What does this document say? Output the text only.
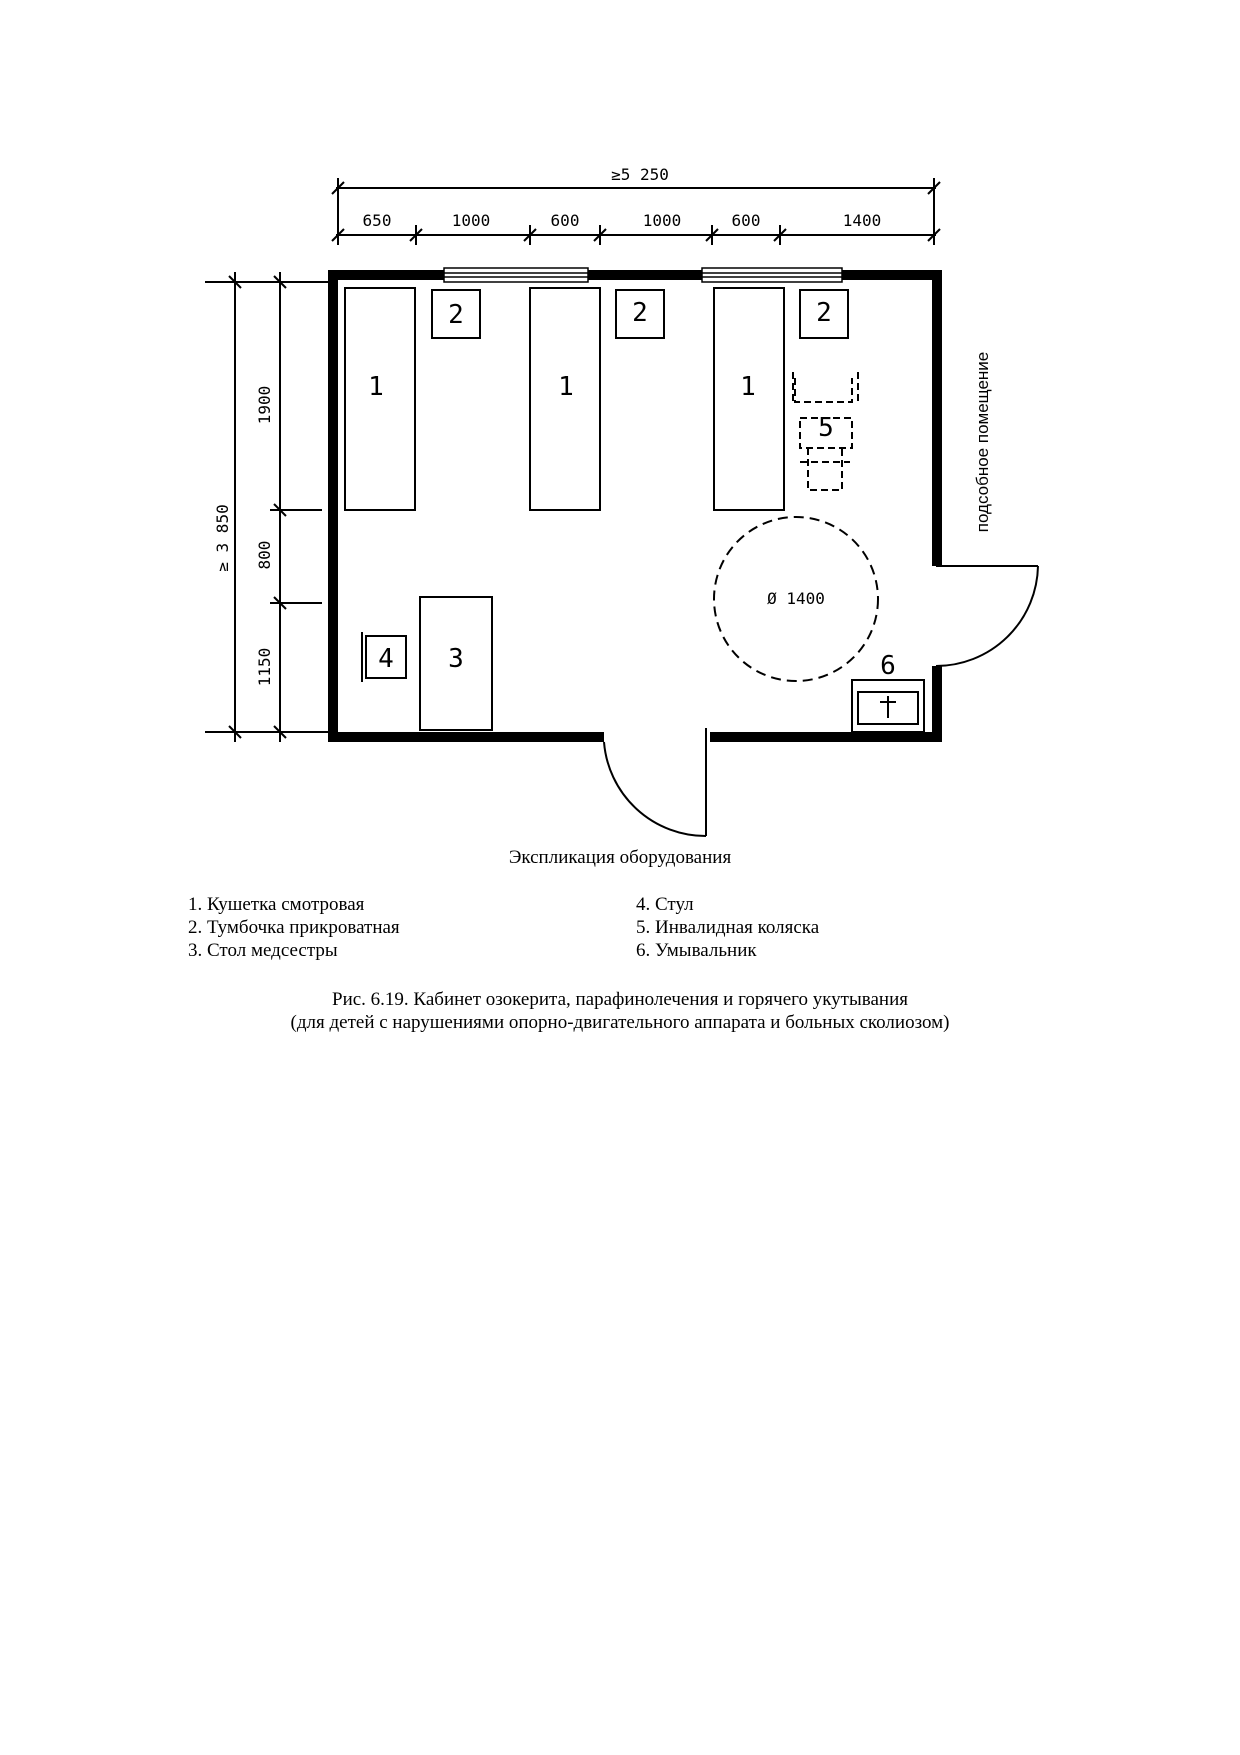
≥5 250
650	1000	600	1000	600	1400
≥ 3 850
1900
800
1150
1	1	1
2	2	2
5
Ø 1400
3
4	6
подсобное помещение
Экспликация оборудования
1. Кушетка смотровая
2. Тумбочка прикроватная
3. Стол медсестры
4. Стул
5. Инвалидная коляска
6. Умывальник
Рис. 6.19. Кабинет озокерита, парафинолечения и горячего укутывания
(для детей с нарушениями опорно-двигательного аппарата и больных сколиозом)
